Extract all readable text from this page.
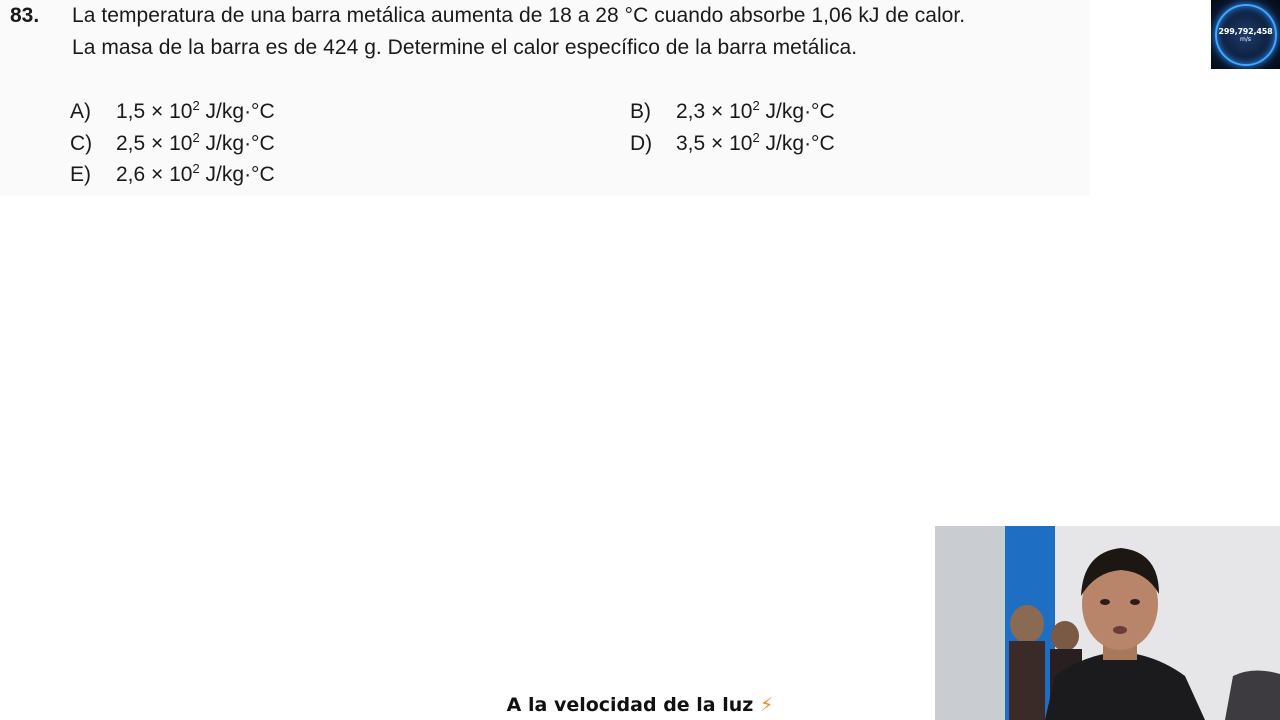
83. La temperatura de una barra metálica aumenta de 18 a 28 °C cuando absorbe 1,06 kJ de calor.
La masa de la barra es de 424 g. Determine el calor específico de la barra metálica.
A) $1,5 \times 10^2$ J/kg·°C	B) $2,3 \times 10^2$ J/kg·°C
C) $2,5 \times 10^2$ J/kg·°C	D) $3,5 \times 10^2$ J/kg·°C
E) $2,6 \times 10^2$ J/kg·°C
299,792,458
m/s
A la velocidad de la luz ⚡
